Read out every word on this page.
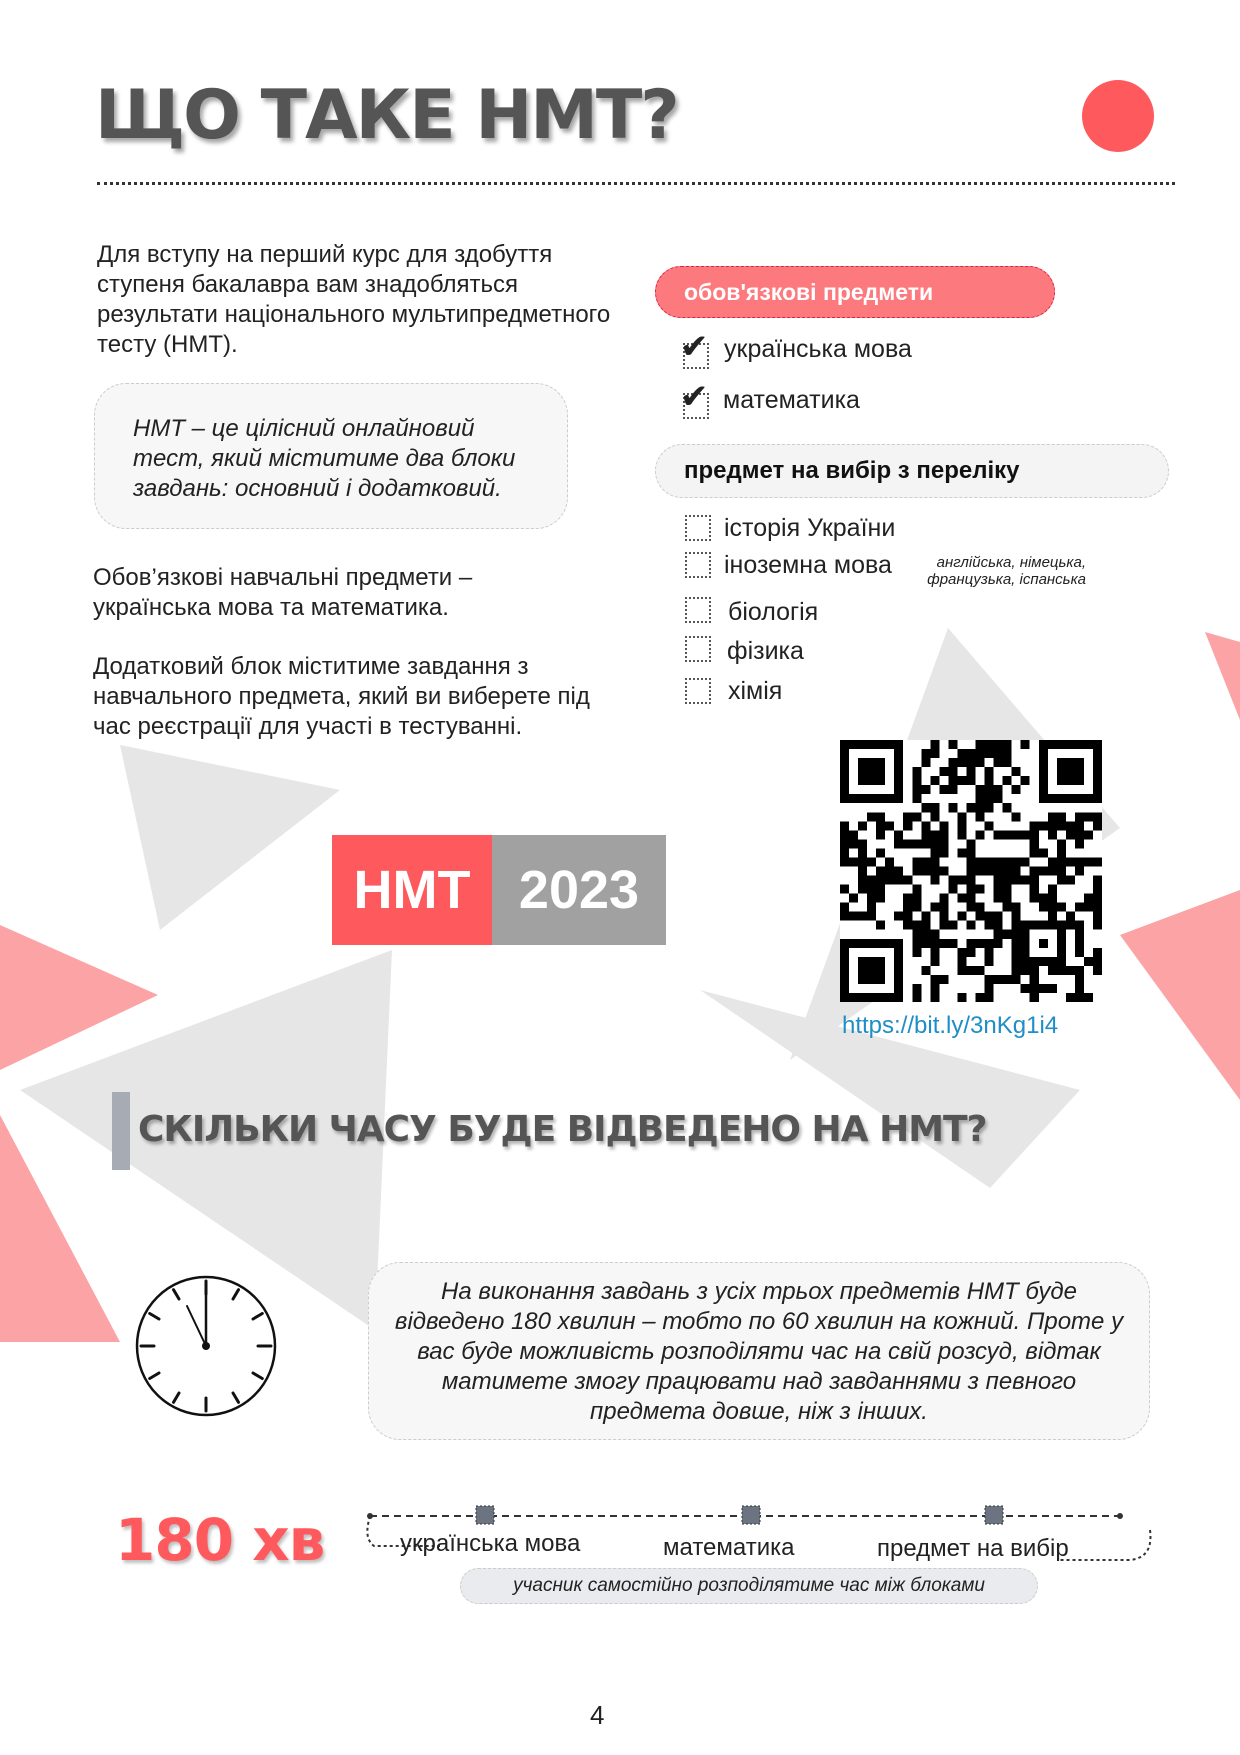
ЩО ТАКЕ НМТ?

Для вступу на перший курс для здобуття ступеня бакалавра вам знадобляться результати національного мультипредметного тесту (НМТ).

НМТ – це цілісний онлайновий тест, який міститиме два блоки завдань: основний і додатковий.

Обов’язкові навчальні предмети – українська мова та математика.

Додатковий блок міститиме завдання з навчального предмета, який ви виберете під час реєстрації для участі в тестуванні.

обов'язкові предмети
✔ українська мова
✔ математика
предмет на вибір з переліку
історія України
іноземна мова	англійська, німецька,
французька, іспанська
біологія
фізика
хімія
НМТ 2023
https://bit.ly/3nKg1i4
СКІЛЬКИ ЧАСУ БУДЕ ВІДВЕДЕНО НА НМТ?
На виконання завдань з усіх трьох предметів НМТ буде відведено 180 хвилин – тобто по 60 хвилин на кожний. Проте у вас буде можливість розподіляти час на свій розсуд, відтак матимете змогу працювати над завданнями з певного предмета довше, ніж з інших.
180 хв	українська мова	математика	предмет на вибір
учасник самостійно розподілятиме час між блоками
4
